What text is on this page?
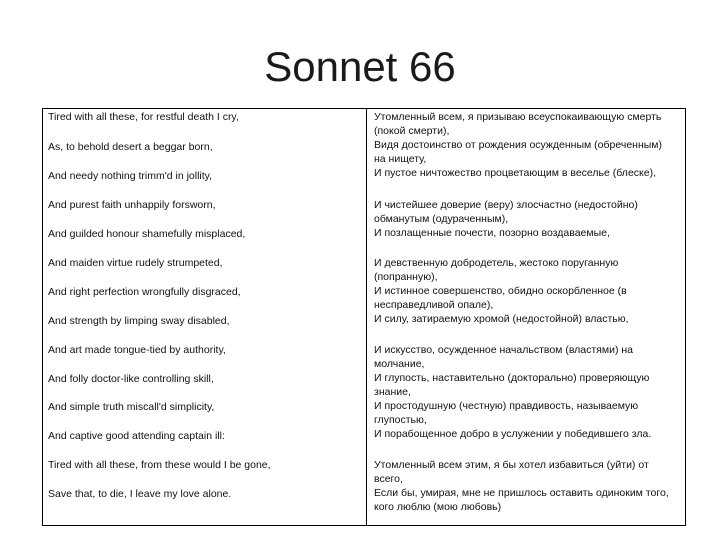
Sonnet 66
Tired with all these, for restful death I cry,
As, to behold desert a beggar born,
And needy nothing trimm'd in jollity,
And purest faith unhappily forsworn,
And guilded honour shamefully misplaced,
And maiden virtue rudely strumpeted,
And right perfection wrongfully disgraced,
And strength by limping sway disabled,
And art made tongue-tied by authority,
And folly doctor-like controlling skill,
And simple truth miscall'd simplicity,
And captive good attending captain ill:
Tired with all these, from these would I be gone,
Save that, to die, I leave my love alone.
Утомленный всем, я призываю всеуспокаивающую смерть
(покой смерти),
Видя достоинство от рождения осужденным (обреченным)
на нищету,
И пустое ничтожество процветающим в веселье (блеске),
И чистейшее доверие (веру) злосчастно (недостойно)
обманутым (одураченным),
И позлащенные почести, позорно воздаваемые,
И девственную добродетель, жестоко поруганную
(попранную),
И истинное совершенство, обидно оскорбленное (в
несправедливой опале),
И силу, затираемую хромой (недостойной) властью,
И искусство, осужденное начальством (властями) на
молчание,
И глупость, наставительно (докторально) проверяющую
знание,
И простодушную (честную) правдивость, называемую
глупостью,
И порабощенное добро в услужении у победившего зла.
Утомленный всем этим, я бы хотел избавиться (уйти) от
всего,
Если бы, умирая, мне не пришлось оставить одиноким того,
кого люблю (мою любовь)
